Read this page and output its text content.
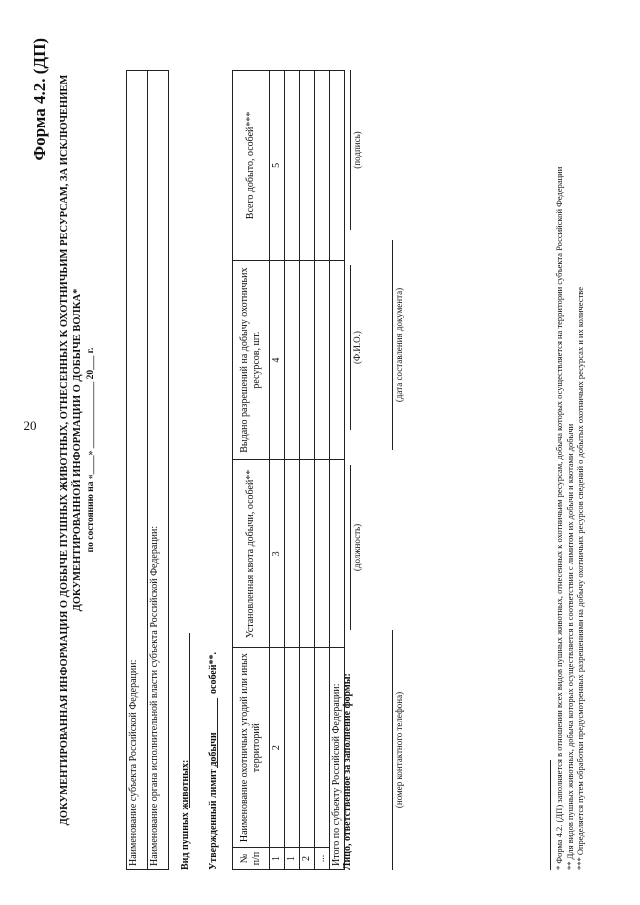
20
Форма 4.2. (ДП) ДОКУМЕНТИРОВАННАЯ ИНФОРМАЦИЯ О ДОБЫЧЕ ПУШНЫХ ЖИВОТНЫХ, ОТНЕСЕННЫХ К ОХОТНИЧЬИМ РЕСУРСАМ, ЗА ИСКЛЮЧЕНИЕМ ДОКУМЕНТИРОВАННОЙ ИНФОРМАЦИИ О ДОБЫЧЕ ВОЛКА* по состоянию на «____» ______________ 20___ г.
Наименование субъекта Российской Федерации:
Наименование органа исполнительной власти субъекта Российской Федерации: Вид пушных животных: Утвержденный лимит добычи
особей**.
№ п/п	Наименование охотничьих угодий или иных территорий	Установленная квота добычи, особей**	Выдано разрешений на добычу охотничьих ресурсов, шт.	Всего добыто, особей***
1	2	3	4	5
1				
2				
...				
Итого по субъекту Российской Федерации:				Лицо, ответственное за заполнение формы:
(должность)
(Ф.И.О.)
(подпись)
(номер контактного телефона)
(дата составления документа)	* Форма 4.2. (ДП) заполняется в отношении всех видов пушных животных, отнесенных к охотничьим ресурсам, добыча которых осуществляется на территории субъекта Российской Федерации ** Для видов пушных животных, добыча которых осуществляется в соответствии с лимитом их добычи и квотами добычи *** Определяется путем обработки предусмотренных разрешениями на добычу охотничьих ресурсов сведений о добытых охотничьих ресурсах и их количестве
